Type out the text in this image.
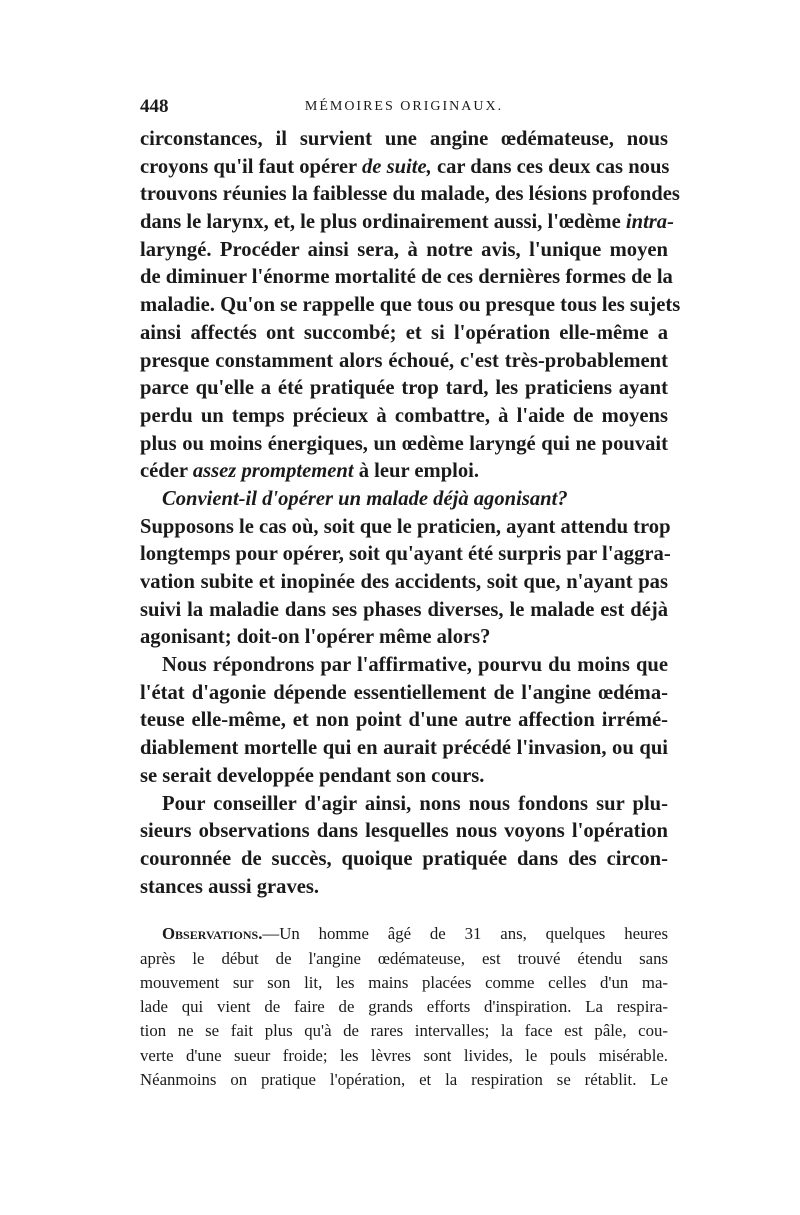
448	MÉMOIRES ORIGINAUX.
circonstances, il survient une angine œdémateuse, nous
croyons qu'il faut opérer de suite, car dans ces deux cas nous
trouvons réunies la faiblesse du malade, des lésions profondes
dans le larynx, et, le plus ordinairement aussi, l'œdème intra-
laryngé. Procéder ainsi sera, à notre avis, l'unique moyen
de diminuer l'énorme mortalité de ces dernières formes de la
maladie. Qu'on se rappelle que tous ou presque tous les sujets
ainsi affectés ont succombé; et si l'opération elle-même a
presque constamment alors échoué, c'est très-probablement
parce qu'elle a été pratiquée trop tard, les praticiens ayant
perdu un temps précieux à combattre, à l'aide de moyens
plus ou moins énergiques, un œdème laryngé qui ne pouvait
céder assez promptement à leur emploi.
Convient-il d'opérer un malade déjà agonisant?
Supposons le cas où, soit que le praticien, ayant attendu trop
longtemps pour opérer, soit qu'ayant été surpris par l'aggra-
vation subite et inopinée des accidents, soit que, n'ayant pas
suivi la maladie dans ses phases diverses, le malade est déjà
agonisant; doit-on l'opérer même alors?
Nous répondrons par l'affirmative, pourvu du moins que
l'état d'agonie dépende essentiellement de l'angine œdéma-
teuse elle-même, et non point d'une autre affection irrémé-
diablement mortelle qui en aurait précédé l'invasion, ou qui
se serait developpée pendant son cours.
Pour conseiller d'agir ainsi, nons nous fondons sur plu-
sieurs observations dans lesquelles nous voyons l'opération
couronnée de succès, quoique pratiquée dans des circon-
stances aussi graves.
Observations.—Un homme âgé de 31 ans, quelques heures
après le début de l'angine œdémateuse, est trouvé étendu sans
mouvement sur son lit, les mains placées comme celles d'un ma-
lade qui vient de faire de grands efforts d'inspiration. La respira-
tion ne se fait plus qu'à de rares intervalles; la face est pâle, cou-
verte d'une sueur froide; les lèvres sont livides, le pouls misérable.
Néanmoins on pratique l'opération, et la respiration se rétablit. Le
